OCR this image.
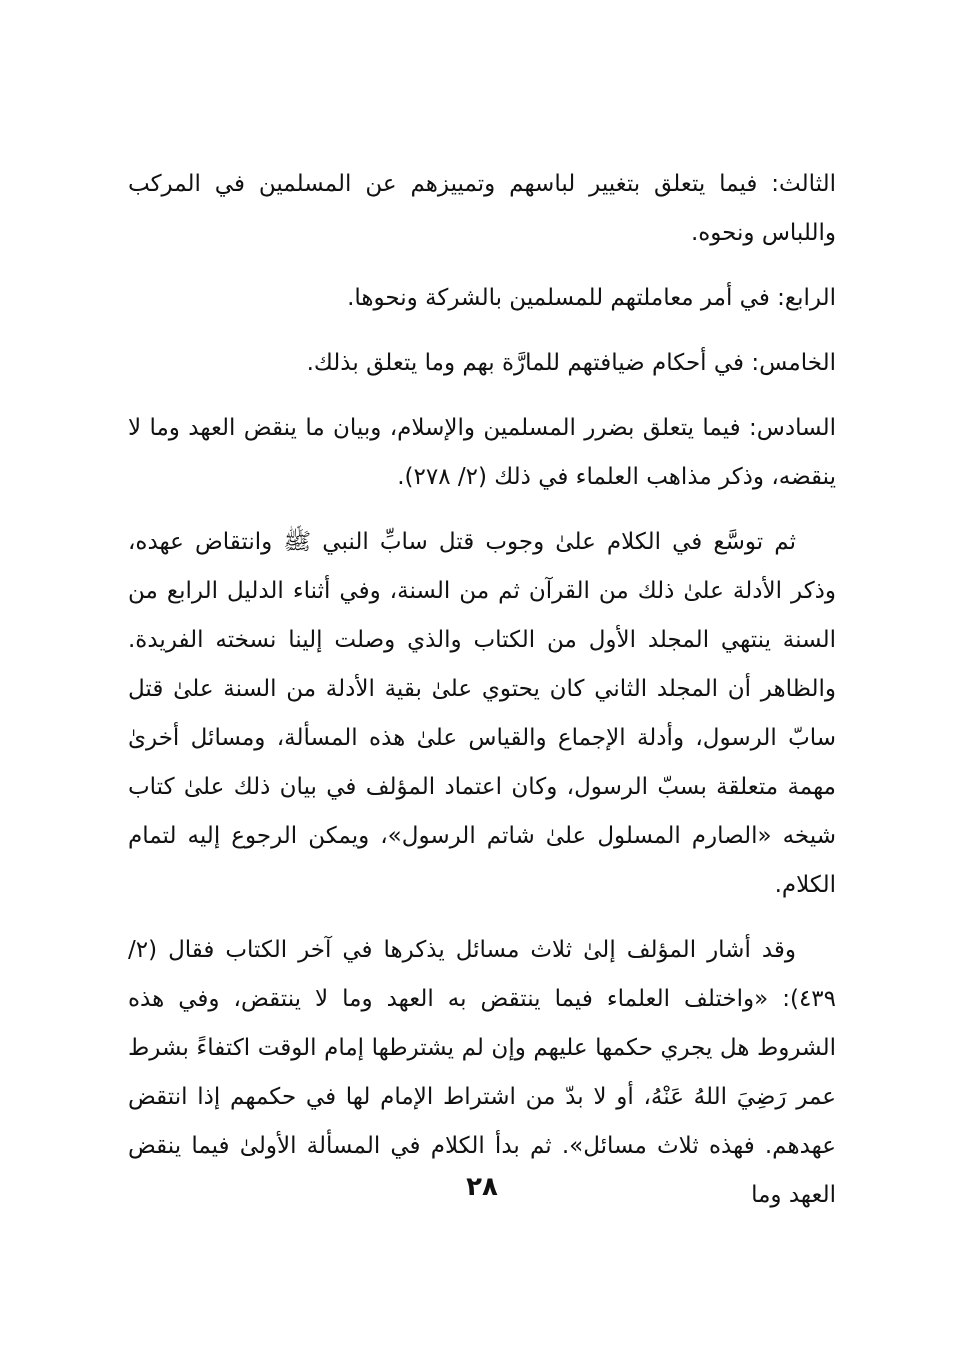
الثالث: فيما يتعلق بتغيير لباسهم وتمييزهم عن المسلمين في المركب واللباس ونحوه.

الرابع: في أمر معاملتهم للمسلمين بالشركة ونحوها.

الخامس: في أحكام ضيافتهم للمارَّة بهم وما يتعلق بذلك.

السادس: فيما يتعلق بضرر المسلمين والإسلام، وبيان ما ينقض العهد وما لا ينقضه، وذكر مذاهب العلماء في ذلك (٢/ ٢٧٨).

ثم توسَّع في الكلام علىٰ وجوب قتل سابِّ النبي ﷺ وانتقاض عهده، وذكر الأدلة علىٰ ذلك من القرآن ثم من السنة، وفي أثناء الدليل الرابع من السنة ينتهي المجلد الأول من الكتاب والذي وصلت إلينا نسخته الفريدة. والظاهر أن المجلد الثاني كان يحتوي علىٰ بقية الأدلة من السنة علىٰ قتل سابّ الرسول، وأدلة الإجماع والقياس علىٰ هذه المسألة، ومسائل أخرىٰ مهمة متعلقة بسبّ الرسول، وكان اعتماد المؤلف في بيان ذلك علىٰ كتاب شيخه «الصارم المسلول علىٰ شاتم الرسول»، ويمكن الرجوع إليه لتمام الكلام.

وقد أشار المؤلف إلىٰ ثلاث مسائل يذكرها في آخر الكتاب فقال (٢/ ٤٣٩): «واختلف العلماء فيما ينتقض به العهد وما لا ينتقض، وفي هذه الشروط هل يجري حكمها عليهم وإن لم يشترطها إمام الوقت اكتفاءً بشرط عمر رَضِيَ اللهُ عَنْهُ، أو لا بدّ من اشتراط الإمام لها في حكمهم إذا انتقض عهدهم. فهذه ثلاث مسائل». ثم بدأ الكلام في المسألة الأولىٰ فيما ينقض العهد وما

٢٨
